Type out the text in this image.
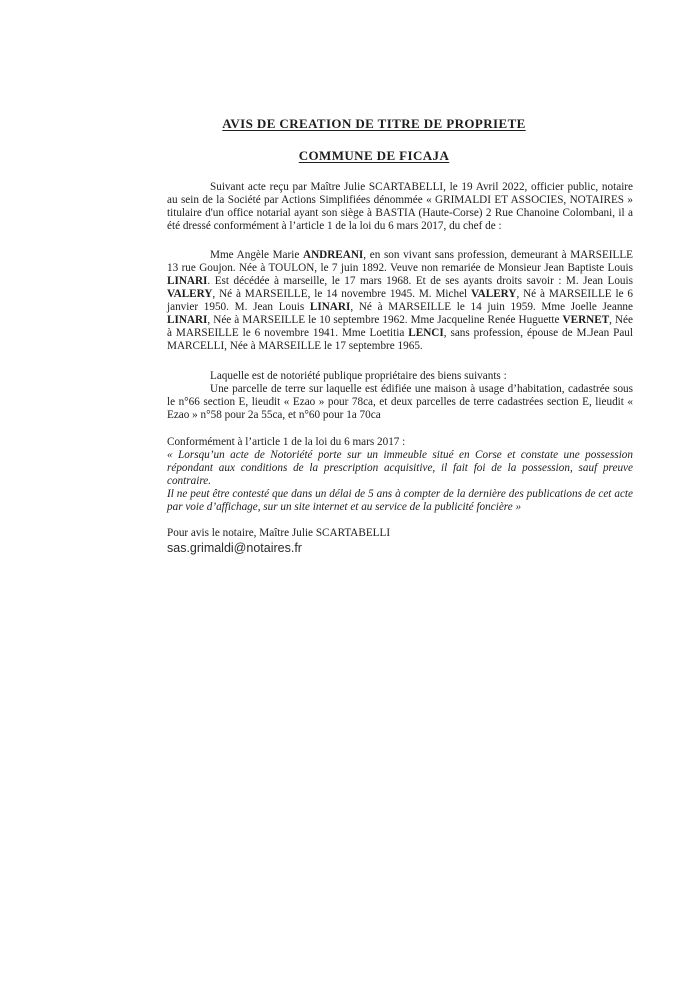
AVIS DE CREATION DE TITRE DE PROPRIETE
COMMUNE DE FICAJA

Suivant acte reçu par Maître Julie SCARTABELLI, le 19 Avril 2022, officier public, notaire au sein de la Société par Actions Simplifiées dénommée « GRIMALDI ET ASSOCIES, NOTAIRES » titulaire d'un office notarial ayant son siège à BASTIA (Haute-Corse) 2 Rue Chanoine Colombani, il a été dressé conformément à l’article 1 de la loi du 6 mars 2017, du chef de :

Mme Angèle Marie ANDREANI, en son vivant sans profession, demeurant à MARSEILLE 13 rue Goujon. Née à TOULON, le 7 juin 1892. Veuve non remariée de Monsieur Jean Baptiste Louis LINARI. Est décédée à marseille, le 17 mars 1968. Et de ses ayants droits savoir : M. Jean Louis VALERY, Né à MARSEILLE, le 14 novembre 1945. M. Michel VALERY, Né à MARSEILLE le 6 janvier 1950. M. Jean Louis LINARI, Né à MARSEILLE le 14 juin 1959. Mme Joelle Jeanne LINARI, Née à MARSEILLE le 10 septembre 1962. Mme Jacqueline Renée Huguette VERNET, Née à MARSEILLE le 6 novembre 1941. Mme Loetitia LENCI, sans profession, épouse de M.Jean Paul MARCELLI, Née à MARSEILLE le 17 septembre 1965.

Laquelle est de notoriété publique propriétaire des biens suivants :

Une parcelle de terre sur laquelle est édifiée une maison à usage d’habitation, cadastrée sous le n°66 section E, lieudit « Ezao » pour 78ca, et deux parcelles de terre cadastrées section E, lieudit « Ezao » n°58 pour 2a 55ca, et n°60 pour 1a 70ca

Conformément à l’article 1 de la loi du 6 mars 2017 :

« Lorsqu’un acte de Notoriété porte sur un immeuble situé en Corse et constate une possession répondant aux conditions de la prescription acquisitive, il fait foi de la possession, sauf preuve contraire.

Il ne peut être contesté que dans un délai de 5 ans à compter de la dernière des publications de cet acte par voie d’affichage, sur un site internet et au service de la publicité foncière »

Pour avis le notaire, Maître Julie SCARTABELLI

sas.grimaldi@notaires.fr
